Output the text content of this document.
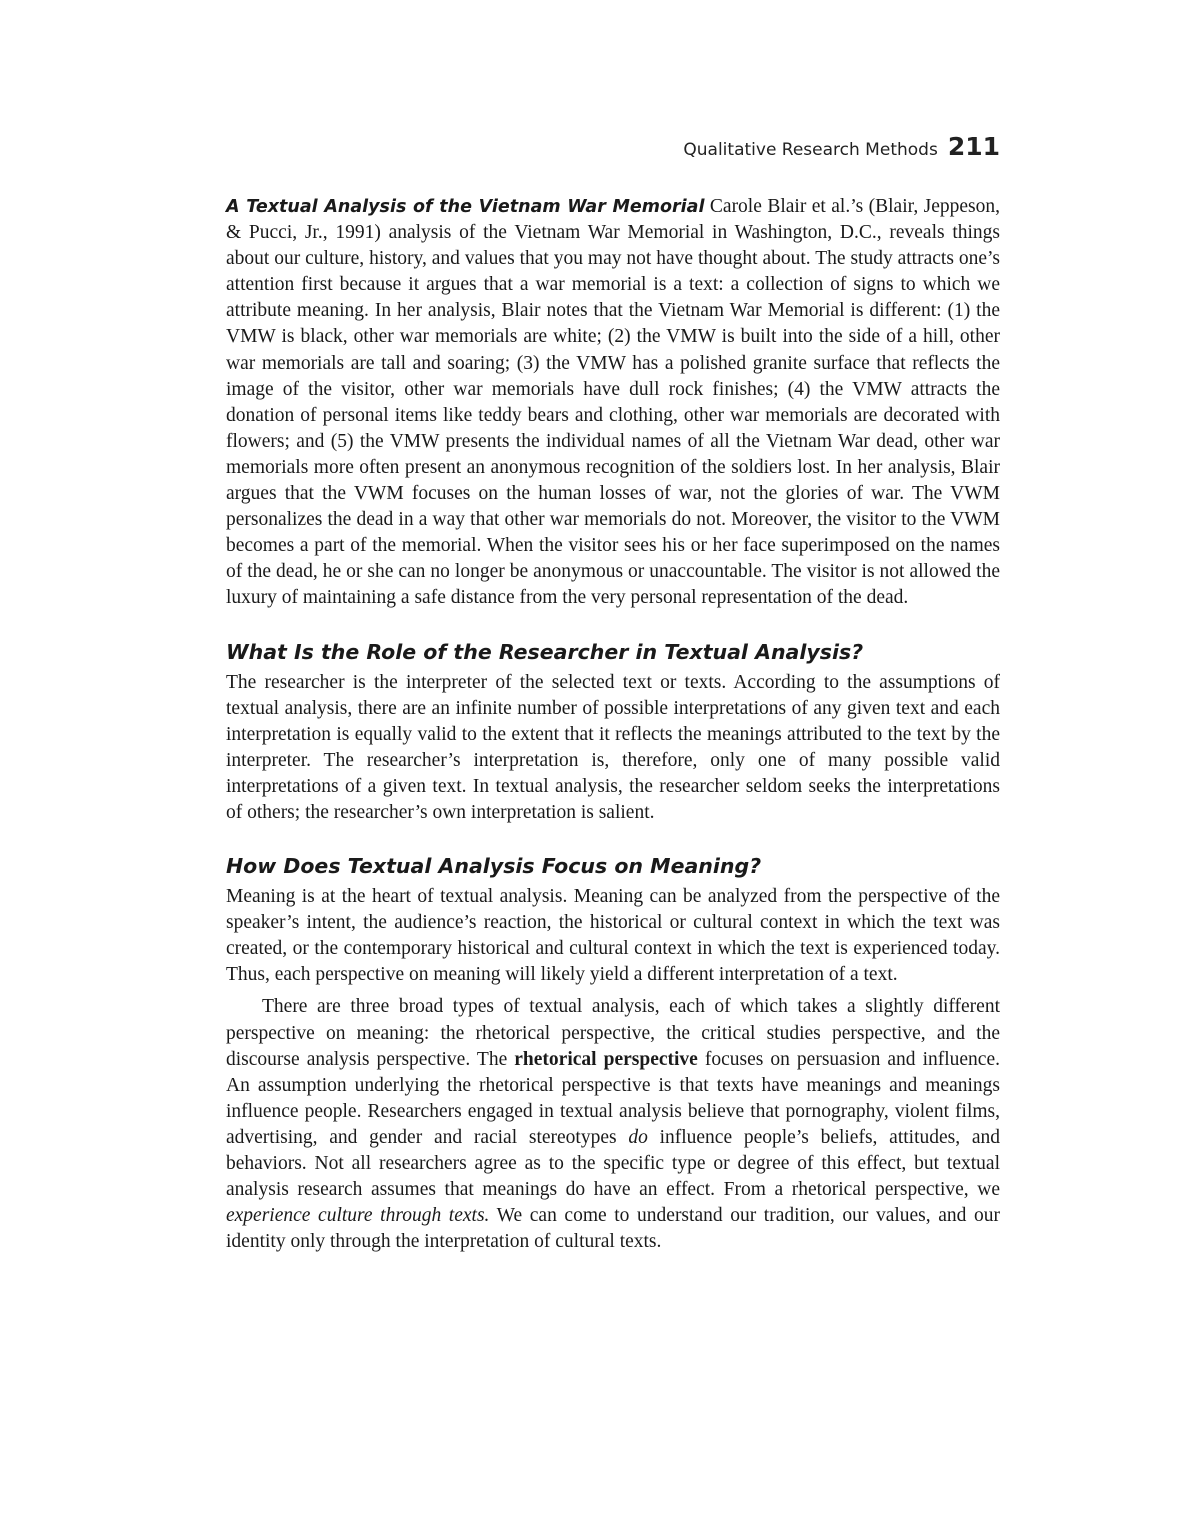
Qualitative Research Methods 211

A Textual Analysis of the Vietnam War Memorial Carole Blair et al.’s (Blair, Jeppeson, & Pucci, Jr., 1991) analysis of the Vietnam War Memorial in Washington, D.C., reveals things about our culture, history, and values that you may not have thought about. The study attracts one’s attention first because it argues that a war memorial is a text: a collection of signs to which we attribute meaning. In her analysis, Blair notes that the Vietnam War Memorial is different: (1) the VMW is black, other war memorials are white; (2) the VMW is built into the side of a hill, other war memorials are tall and soaring; (3) the VMW has a polished granite surface that reflects the image of the visitor, other war memorials have dull rock finishes; (4) the VMW attracts the donation of personal items like teddy bears and clothing, other war memorials are decorated with flowers; and (5) the VMW presents the individual names of all the Vietnam War dead, other war memorials more often present an anonymous recognition of the soldiers lost. In her analysis, Blair argues that the VWM focuses on the human losses of war, not the glories of war. The VWM personalizes the dead in a way that other war memorials do not. Moreover, the visitor to the VWM becomes a part of the memorial. When the visitor sees his or her face superimposed on the names of the dead, he or she can no longer be anonymous or unaccountable. The visitor is not allowed the luxury of maintaining a safe distance from the very personal representation of the dead.

What Is the Role of the Researcher in Textual Analysis?

The researcher is the interpreter of the selected text or texts. According to the assumptions of textual analysis, there are an infinite number of possible interpretations of any given text and each interpretation is equally valid to the extent that it reflects the meanings attributed to the text by the interpreter. The researcher’s interpretation is, therefore, only one of many possible valid interpretations of a given text. In textual analysis, the researcher seldom seeks the interpretations of others; the researcher’s own interpretation is salient.

How Does Textual Analysis Focus on Meaning?

Meaning is at the heart of textual analysis. Meaning can be analyzed from the perspective of the speaker’s intent, the audience’s reaction, the historical or cultural context in which the text was created, or the contemporary historical and cultural context in which the text is experienced today. Thus, each perspective on meaning will likely yield a different interpretation of a text.

There are three broad types of textual analysis, each of which takes a slightly different perspective on meaning: the rhetorical perspective, the critical studies perspective, and the discourse analysis perspective. The rhetorical perspective focuses on persuasion and influence. An assumption underlying the rhetorical perspective is that texts have meanings and meanings influence people. Researchers engaged in textual analysis believe that pornography, violent films, advertising, and gender and racial stereotypes do influence people’s beliefs, attitudes, and behaviors. Not all researchers agree as to the specific type or degree of this effect, but textual analysis research assumes that meanings do have an effect. From a rhetorical perspective, we experience culture through texts. We can come to understand our tradition, our values, and our identity only through the interpretation of cultural texts.
